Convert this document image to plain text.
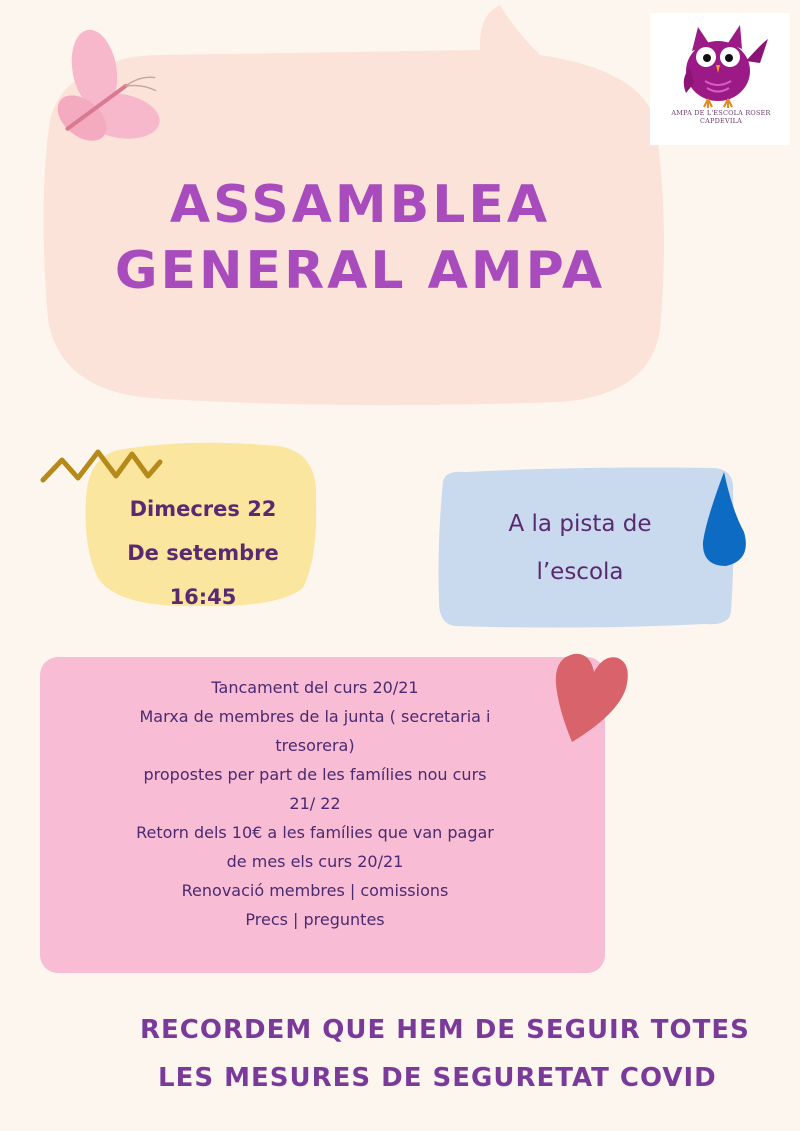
ASSAMBLEA
GENERAL AMPA
AMPA DE L'ESCOLA ROSER CAPDEVILA
Dimecres 22
De setembre
16:45
A la pista de
l’escola
Tancament del curs 20/21
Marxa de membres de la junta ( secretaria i
tresorera)
propostes per part de les famílies nou curs
21/ 22
Retorn dels 10€ a les famílies que van pagar
de mes els curs 20/21
Renovació membres | comissions
Precs | preguntes
RECORDEM QUE HEM DE SEGUIR TOTES
LES MESURES DE SEGURETAT COVID
